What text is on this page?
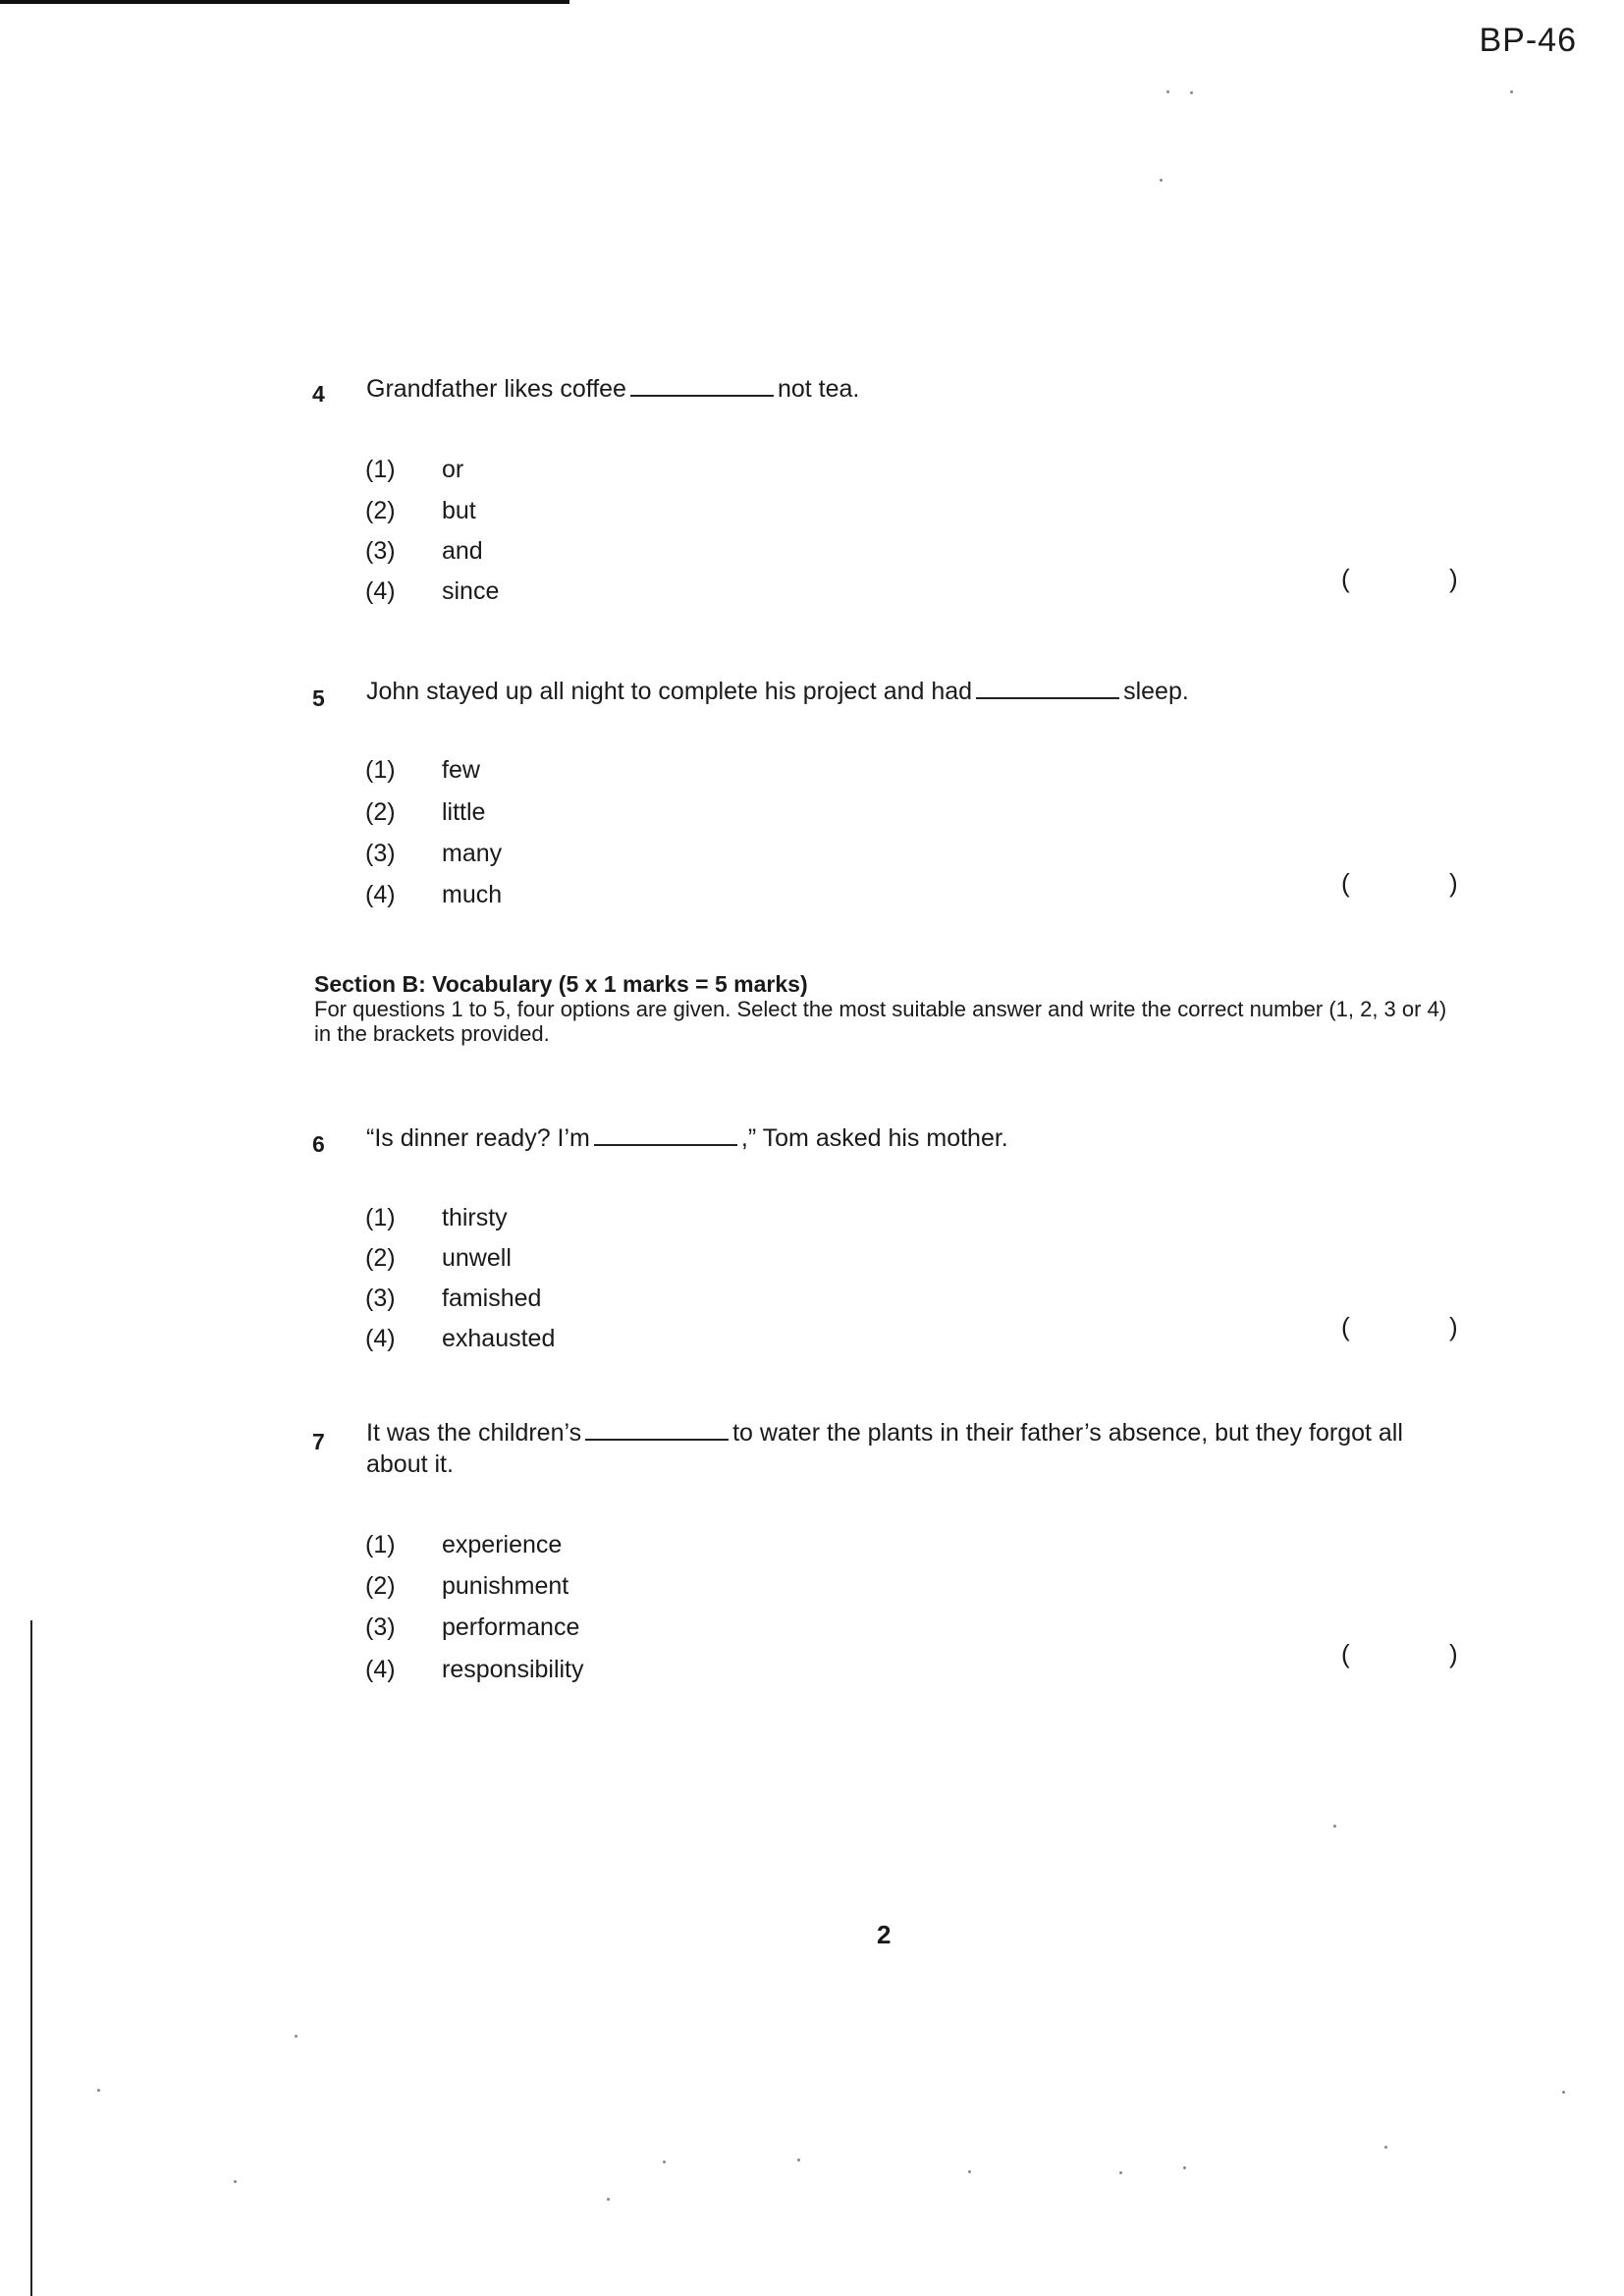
BP-46
4 Grandfather likes coffee	not tea.
(1) or
(2) but
(3) and
(4) since	(	)
5 John stayed up all night to complete his project and had	sleep.
(1) few
(2) little
(3) many
(4) much	(	)
Section B: Vocabulary (5 x 1 marks = 5 marks)
For questions 1 to 5, four options are given. Select the most suitable answer and write the correct number (1, 2, 3 or 4) in the brackets provided.
6 “Is dinner ready? I’m	,” Tom asked his mother.
(1) thirsty
(2) unwell
(3) famished
(4) exhausted	(	)
7 It was the children’s	to water the plants in their father’s absence, but they forgot all about it.
(1) experience
(2) punishment
(3) performance
(4) responsibility
(	)
2
